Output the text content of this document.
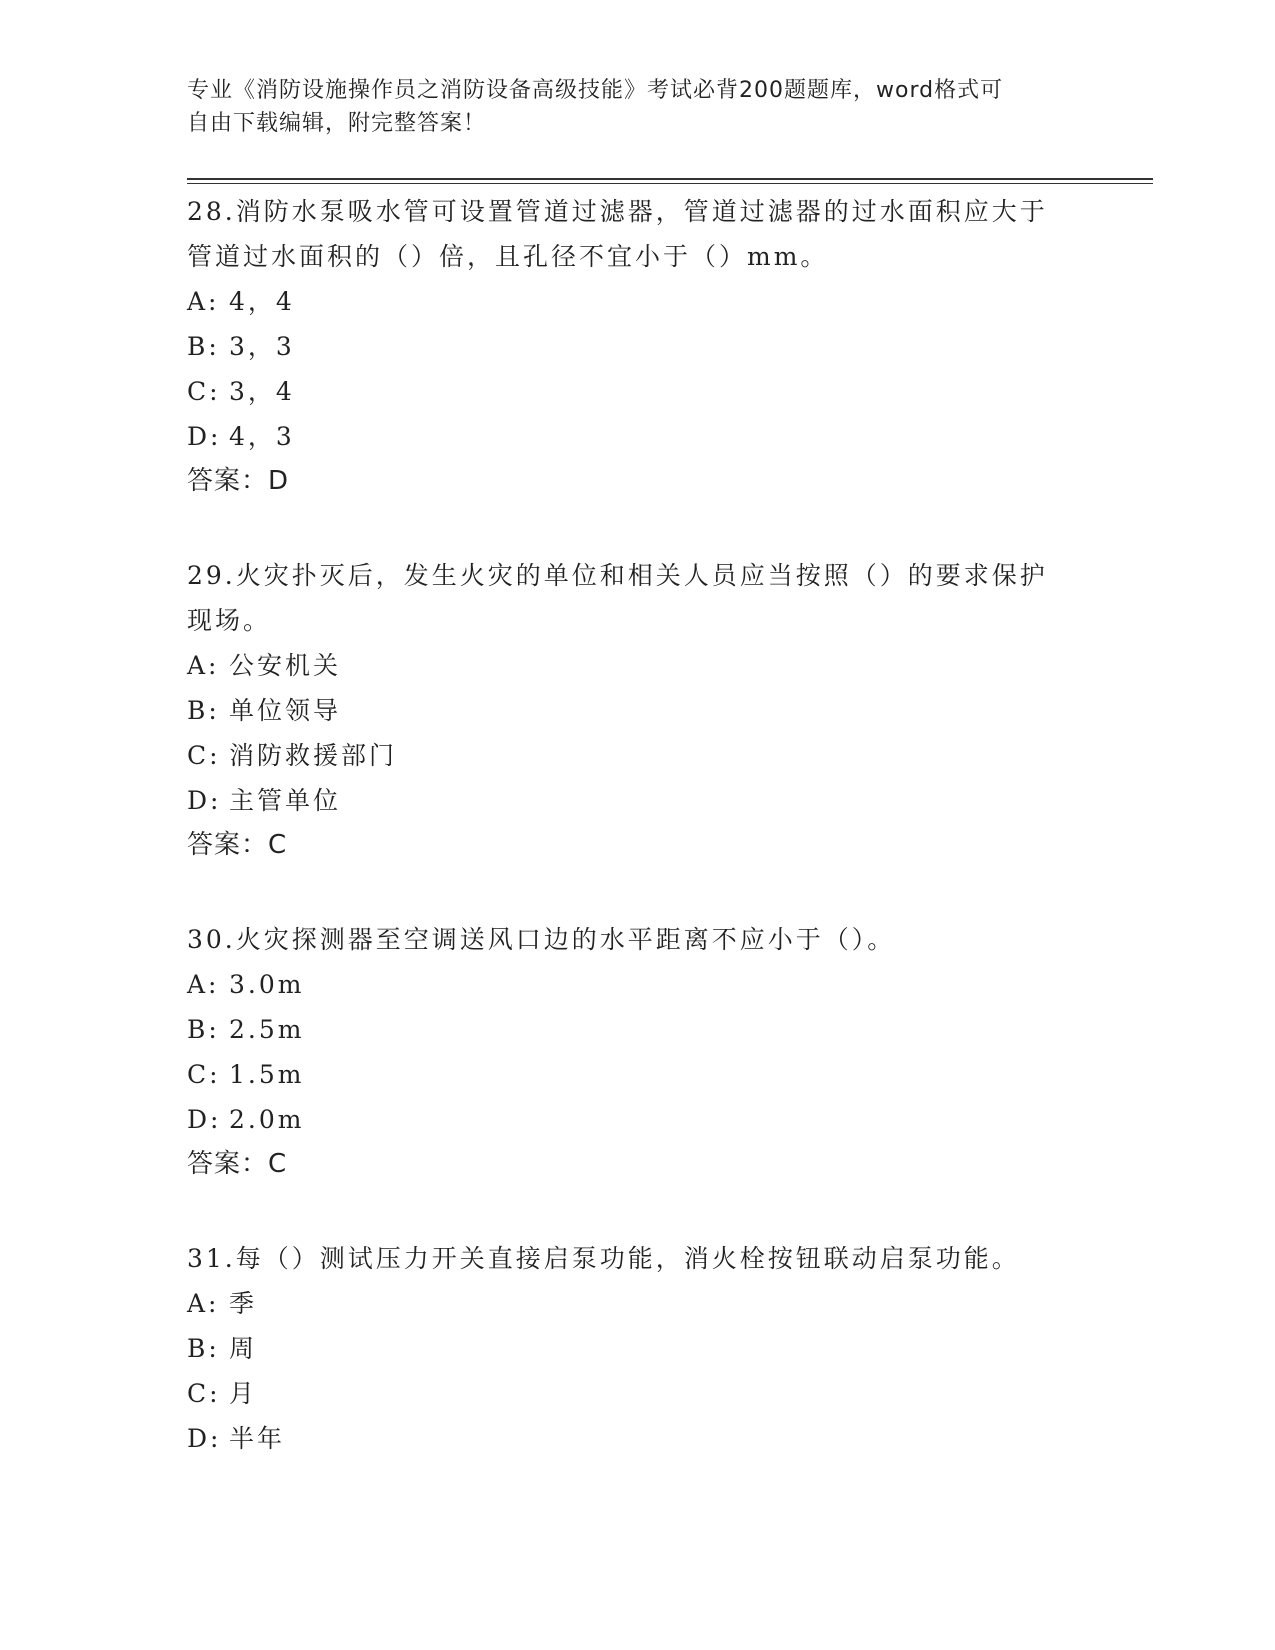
专业《消防设施操作员之消防设备高级技能》考试必背200题题库，word格式可
自由下载编辑，附完整答案！
28.消防水泵吸水管可设置管道过滤器，管道过滤器的过水面积应大于
管道过水面积的（）倍，且孔径不宜小于（）mm。
A: 4，4
B: 3，3
C: 3，4
D: 4，3
答案：D
29.火灾扑灭后，发生火灾的单位和相关人员应当按照（）的要求保护
现场。
A: 公安机关
B: 单位领导
C: 消防救援部门
D: 主管单位
答案：C
30.火灾探测器至空调送风口边的水平距离不应小于（）。
A: 3.0m
B: 2.5m
C: 1.5m
D: 2.0m
答案：C
31.每（）测试压力开关直接启泵功能，消火栓按钮联动启泵功能。
A: 季
B: 周
C: 月
D: 半年
